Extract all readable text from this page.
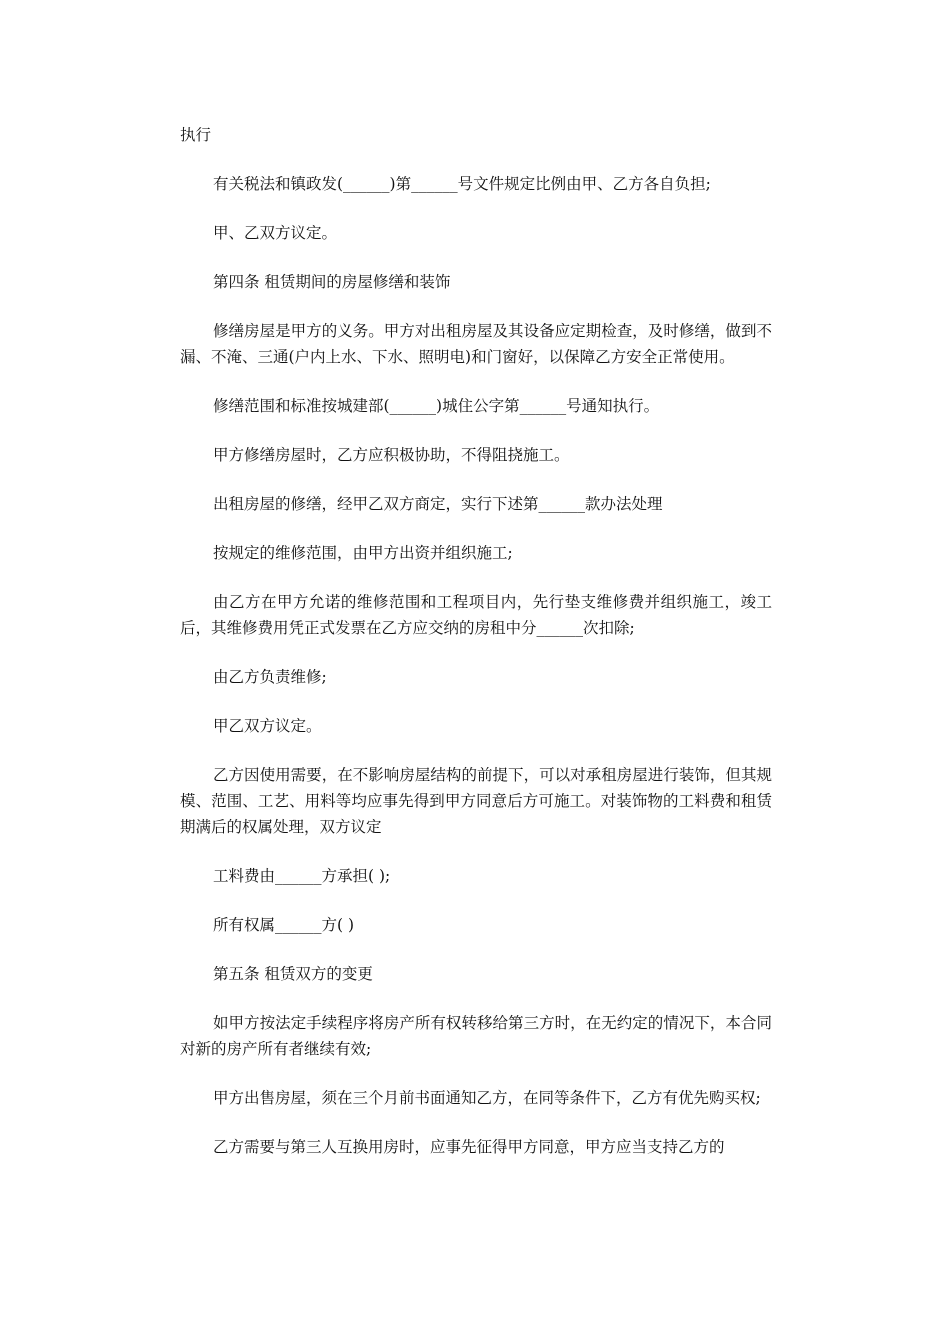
执行

有关税法和镇政发(______)第______号文件规定比例由甲、乙方各自负担;

甲、乙双方议定。

第四条 租赁期间的房屋修缮和装饰

修缮房屋是甲方的义务。甲方对出租房屋及其设备应定期检查，及时修缮，做到不漏、不淹、三通(户内上水、下水、照明电)和门窗好，以保障乙方安全正常使用。

修缮范围和标准按城建部(______)城住公字第______号通知执行。

甲方修缮房屋时，乙方应积极协助，不得阻挠施工。

出租房屋的修缮，经甲乙双方商定，实行下述第______款办法处理

按规定的维修范围，由甲方出资并组织施工;

由乙方在甲方允诺的维修范围和工程项目内，先行垫支维修费并组织施工，竣工后，其维修费用凭正式发票在乙方应交纳的房租中分______次扣除;

由乙方负责维修;

甲乙双方议定。

乙方因使用需要，在不影响房屋结构的前提下，可以对承租房屋进行装饰，但其规模、范围、工艺、用料等均应事先得到甲方同意后方可施工。对装饰物的工料费和租赁期满后的权属处理，双方议定

工料费由______方承担( );

所有权属______方( )

第五条 租赁双方的变更

如甲方按法定手续程序将房产所有权转移给第三方时，在无约定的情况下，本合同对新的房产所有者继续有效;

甲方出售房屋，须在三个月前书面通知乙方，在同等条件下，乙方有优先购买权;

乙方需要与第三人互换用房时，应事先征得甲方同意，甲方应当支持乙方的
